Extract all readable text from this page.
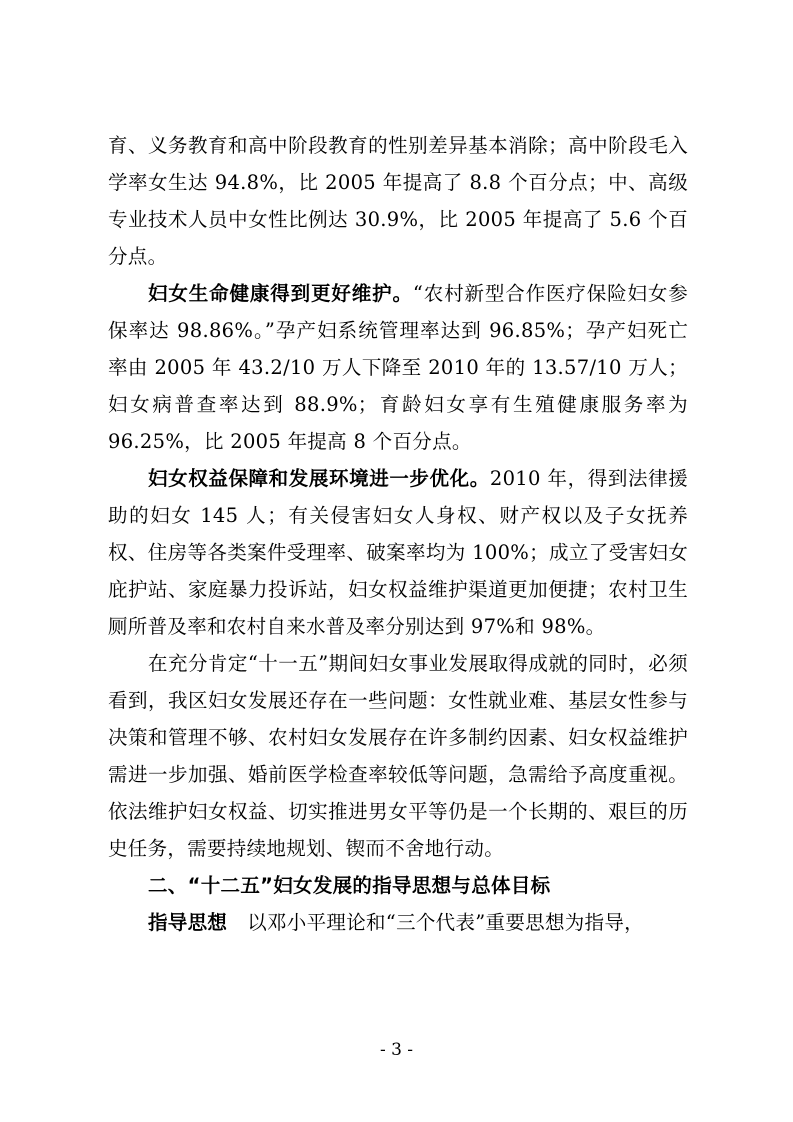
育、义务教育和高中阶段教育的性别差异基本消除；高中阶段毛入学率女生达 94.8%，比 2005 年提高了 8.8 个百分点；中、高级专业技术人员中女性比例达 30.9%，比 2005 年提高了 5.6 个百分点。

妇女生命健康得到更好维护。“农村新型合作医疗保险妇女参保率达 98.86%。”孕产妇系统管理率达到 96.85%；孕产妇死亡率由 2005 年 43.2/10 万人下降至 2010 年的 13.57/10 万人；妇女病普查率达到 88.9%；育龄妇女享有生殖健康服务率为 96.25%，比 2005 年提高 8 个百分点。

妇女权益保障和发展环境进一步优化。2010 年，得到法律援助的妇女 145 人；有关侵害妇女人身权、财产权以及子女抚养权、住房等各类案件受理率、破案率均为 100%；成立了受害妇女庇护站、家庭暴力投诉站，妇女权益维护渠道更加便捷；农村卫生厕所普及率和农村自来水普及率分别达到 97%和 98%。

在充分肯定“十一五”期间妇女事业发展取得成就的同时，必须看到，我区妇女发展还存在一些问题：女性就业难、基层女性参与决策和管理不够、农村妇女发展存在许多制约因素、妇女权益维护需进一步加强、婚前医学检查率较低等问题，急需给予高度重视。依法维护妇女权益、切实推进男女平等仍是一个长期的、艰巨的历史任务，需要持续地规划、锲而不舍地行动。

二、“十二五”妇女发展的指导思想与总体目标

指导思想 以邓小平理论和“三个代表”重要思想为指导，

- 3 -
